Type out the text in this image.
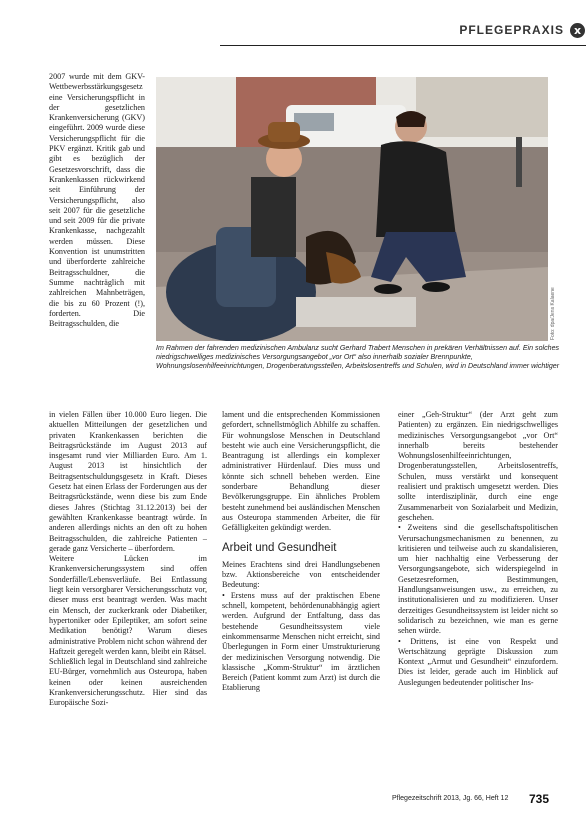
PFLEGEPRAXIS x

2007 wurde mit dem GKV-Wettbewerbsstärkungsgesetz eine Versicherungspflicht in der gesetzlichen Krankenversicherung (GKV) eingeführt. 2009 wurde diese Versicherungspflicht für die PKV ergänzt. Kritik gab und gibt es bezüglich der Gesetzesvorschrift, dass die Krankenkassen rückwirkend seit Einführung der Versicherungspflicht, also seit 2007 für die gesetzliche und seit 2009 für die private Krankenkasse, nachgezahlt werden müssen. Diese Konvention ist unumstritten und überforderte zahlreiche Beitragsschuldner, die Summe nachträglich mit zahlreichen Mahnbeträgen, die bis zu 60 Prozent (!), forderten. Die Beitragsschulden, die	Foto: dpa/Jens Kalaene
Im Rahmen der fahrenden medizinischen Ambulanz sucht Gerhard Trabert Menschen in prekären Verhältnissen auf. Ein solches niedrigschwelliges medizinisches Versorgungsangebot „vor Ort“ also innerhalb sozialer Brennpunkte, Wohnungslosenhilfeeinrichtungen, Drogenberatungsstellen, Arbeitslosentreffs und Schulen, wird in Deutschland immer wichtiger

in vielen Fällen über 10.000 Euro liegen. Die aktuellen Mitteilungen der gesetzlichen und privaten Krankenkassen berichten die Beitragsrückstände im August 2013 auf insgesamt rund vier Milliarden Euro. Am 1. August 2013 ist hinsichtlich der Beitragsentschuldungsgesetz in Kraft. Dieses Gesetz hat einen Erlass der Forderungen aus der Beitragsrückstände, wenn diese bis zum Ende dieses Jahres (Stichtag 31.12.2013) bei der gewählten Krankenkasse beantragt würde. In anderen allerdings nichts an den oft zu hohen Beitragsschulden, die zahlreiche Patienten – gerade ganz Versicherte – überfordern.

Weitere Lücken im Krankenversicherungssystem sind offen Sonderfälle/Lebensverläufe. Bei Entlassung liegt kein versorgbarer Versicherungsschutz vor, dieser muss erst beantragt werden. Was macht ein Mensch, der zuckerkrank oder Diabetiker, hypertoniker oder Epileptiker, am sofort seine Medikation benötigt? Warum dieses administrative Problem nicht schon während der Haftzeit geregelt werden kann, bleibt ein Rätsel.

Schließlich legal in Deutschland sind zahlreiche EU-Bürger, vornehmlich aus Osteuropa, haben keinen oder keinen ausreichenden Krankenversicherungsschutz. Hier sind das Europäische Sozi-

lament und die entsprechenden Kommissionen gefordert, schnellstmöglich Abhilfe zu schaffen. Für wohnungslose Menschen in Deutschland besteht wie auch eine Versicherungspflicht, die Beantragung ist allerdings ein komplexer administrativer Hürdenlauf. Dies muss und könnte sich schnell beheben werden. Eine sonderbare Behandlung dieser Bevölkerungsgruppe. Ein ähnliches Problem besteht zunehmend bei ausländischen Menschen aus Osteuropa stammenden Arbeiter, die für Gefälligkeiten gekündigt werden.

Arbeit und Gesundheit

Meines Erachtens sind drei Handlungsebenen bzw. Aktionsbereiche von entscheidender Bedeutung:

• Erstens muss auf der praktischen Ebene schnell, kompetent, behördenunabhängig agiert werden. Aufgrund der Entfaltung, dass das bestehende Gesundheitssystem viele einkommensarme Menschen nicht erreicht, sind Überlegungen in Form einer Umstrukturierung der medizinischen Versorgung notwendig. Die klassische „Komm-Struktur“ im ärztlichen Bereich (Patient kommt zum Arzt) ist durch die Etablierung

einer „Geh-Struktur“ (der Arzt geht zum Patienten) zu ergänzen. Ein niedrigschwelliges medizinisches Versorgungsangebot „vor Ort“ innerhalb bereits bestehender Wohnungslosenhilfeeinrichtungen, Drogenberatungsstellen, Arbeitslosentreffs, Schulen, muss verstärkt und konsequent realisiert und praktisch umgesetzt werden. Dies sollte interdisziplinär, durch eine enge Zusammenarbeit von Sozialarbeit und Medizin, geschehen.

• Zweitens sind die gesellschaftspolitischen Verursachungsmechanismen zu benennen, zu kritisieren und teilweise auch zu skandalisieren, um hier nachhaltig eine Verbesserung der Versorgungsangebote, sich widerspiegelnd in Gesetzesreformen, Bestimmungen, Handlungsanweisungen usw., zu erreichen, zu institutionalisieren und zu modifizieren. Unser derzeitiges Gesundheitssystem ist leider nicht so solidarisch zu bezeichnen, wie man es gerne sehen würde.

• Drittens, ist eine von Respekt und Wertschätzung geprägte Diskussion zum Kontext „Armut und Gesundheit“ einzufordern. Dies ist leider, gerade auch im Hinblick auf Auslegungen bedeutender politischer Ins-

Pflegezeitschrift 2013, Jg. 66, Heft 12	735
